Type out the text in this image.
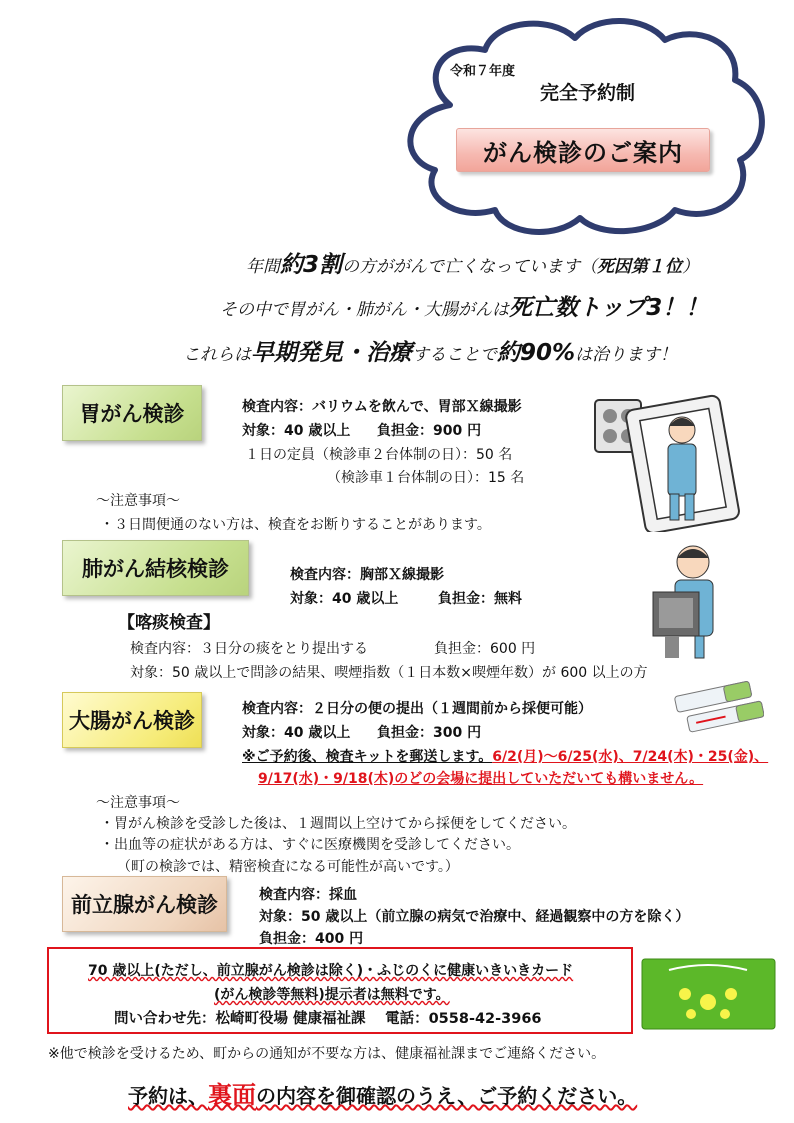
令和７年度
完全予約制
がん検診のご案内
年間約3割の方ががんで亡くなっています（死因第１位）
その中で胃がん・肺がん・大腸がんは死亡数トップ3！！
これらは早期発見・治療することで約90%は治ります！
胃がん検診	検査内容：バリウムを飲んで、胃部Ｘ線撮影
対象：40 歳以上 負担金：900 円
１日の定員（検診車２台体制の日）：50 名
（検診車１台体制の日）：15 名
～注意事項～
・３日間便通のない方は、検査をお断りすることがあります。
肺がん結核検診	検査内容：胸部Ｘ線撮影
対象：40 歳以上	負担金：無料
【喀痰検査】
検査内容：３日分の痰をとり提出する	負担金：600 円
対象：50 歳以上で問診の結果、喫煙指数（１日本数×喫煙年数）が 600 以上の方
大腸がん検診	検査内容：２日分の便の提出（１週間前から採便可能）
対象：40 歳以上 負担金：300 円
※ご予約後、検査キットを郵送します。6/2(月)～6/25(水)、7/24(木)・25(金)、
9/17(水)・9/18(木)のどの会場に提出していただいても構いません。
～注意事項～
・胃がん検診を受診した後は、１週間以上空けてから採便をしてください。
・出血等の症状がある方は、すぐに医療機関を受診してください。
（町の検診では、精密検査になる可能性が高いです。）
前立腺がん検診	検査内容：採血
対象：50 歳以上（前立腺の病気で治療中、経過観察中の方を除く）
負担金：400 円
70 歳以上(ただし、前立腺がん検診は除く)・ふじのくに健康いきいきカード
(がん検診等無料)提示者は無料です。
問い合わせ先：松崎町役場 健康福祉課　 電話：0558-42-3966
※他で検診を受けるため、町からの通知が不要な方は、健康福祉課までご連絡ください。
予約は、裏面の内容を御確認のうえ、ご予約ください。
